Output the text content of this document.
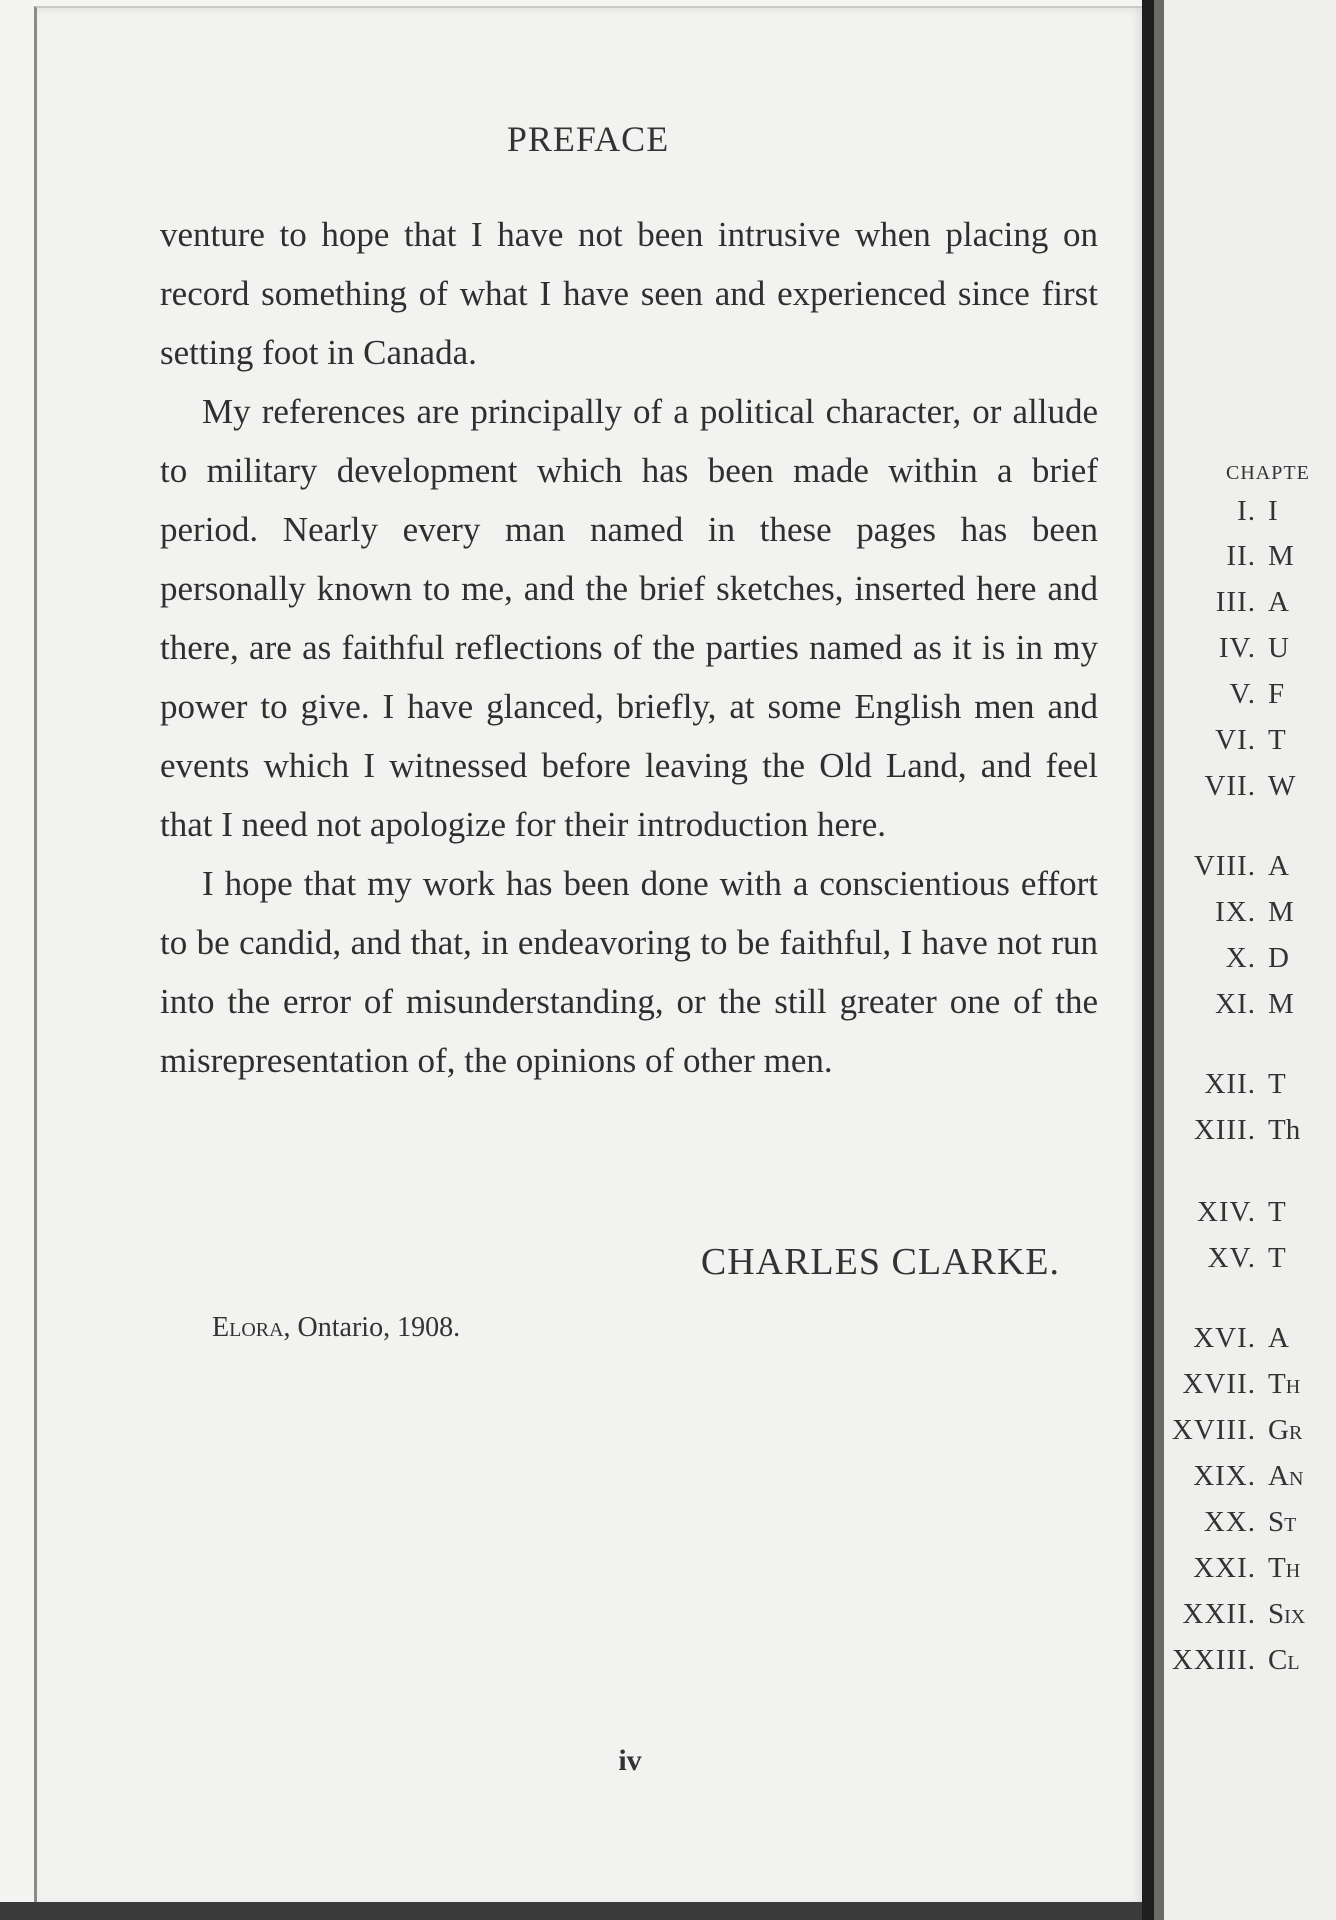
PREFACE

venture to hope that I have not been intrusive when placing on record something of what I have seen and experienced since first setting foot in Canada.

My references are principally of a political character, or allude to military development which has been made within a brief period. Nearly every man named in these pages has been personally known to me, and the brief sketches, inserted here and there, are as faithful reflections of the parties named as it is in my power to give. I have glanced, briefly, at some English men and events which I witnessed before leaving the Old Land, and feel that I need not apologize for their introduction here.

I hope that my work has been done with a conscientious effort to be candid, and that, in endeavoring to be faithful, I have not run into the error of misunderstanding, or the still greater one of the misrepresentation of, the opinions of other men.

CHARLES CLARKE.
Elora, Ontario, 1908.
iv
CHAPTE
I. I
II. M
III. A
IV. U
V. F
VI. T
VII. W
VIII. A
IX. M
X. D
XI. M
XII. T
XIII. Th
XIV. T
XV. T
XVI. A
XVII. Th
XVIII. Gr
XIX. An
XX. St
XXI. Th
XXII. Six
XXIII. Cl
